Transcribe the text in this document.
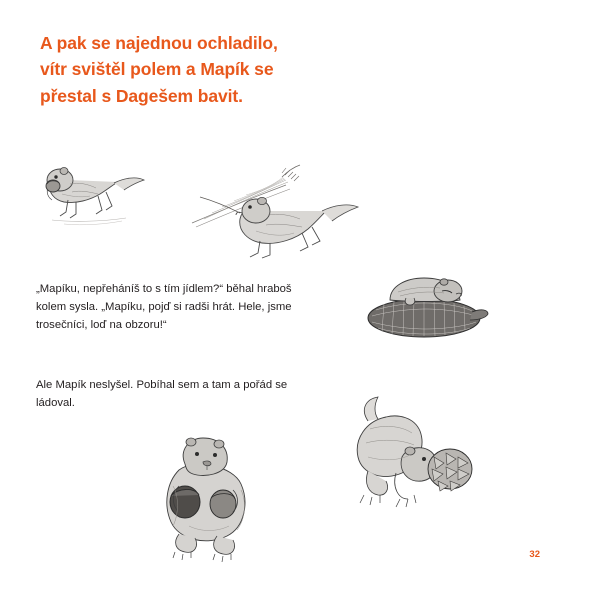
A pak se najednou ochladilo,
vítr svištěl polem a Mapík se
přestal s Dagešem bavit.

„Mapíku, nepřeháníš to s tím jídlem?“ běhal hraboš kolem sysla. „Mapíku, pojď si radši hrát. Hele, jsme trosečníci, loď na obzoru!“

Ale Mapík neslyšel. Pobíhal sem a tam a pořád se ládoval.

32
